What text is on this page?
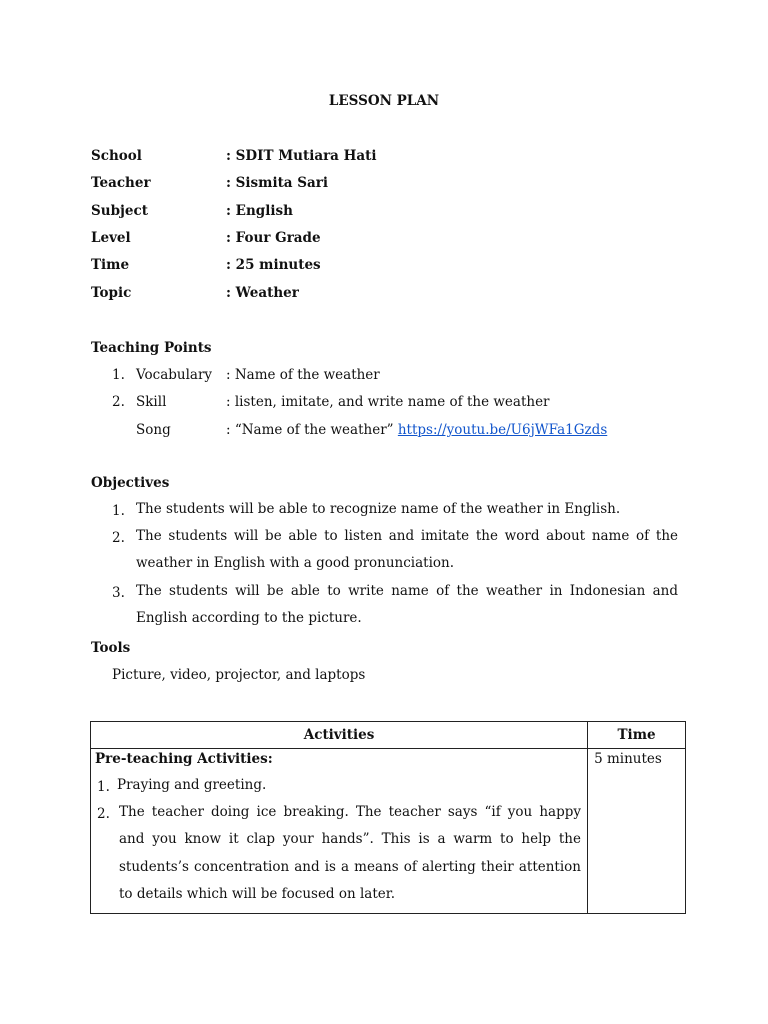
LESSON PLAN
School	: SDIT Mutiara Hati
Teacher	: Sismita Sari
Subject	: English
Level	: Four Grade
Time	: 25 minutes
Topic	: Weather
Teaching Points
1. Vocabulary : Name of the weather
2. Skill	: listen, imitate, and write name of the weather
Song	: “Name of the weather” https://youtu.be/U6jWFa1Gzds
Objectives
1. The students will be able to recognize name of the weather in English.
2. The students will be able to listen and imitate the word about name of the weather in English with a good pronunciation.
3. The students will be able to write name of the weather in Indonesian and English according to the picture.
Tools
Picture, video, projector, and laptops
Activities	Time

Pre-teaching Activities:
1. Praying and greeting.
2. The teacher doing ice breaking. The teacher says “if you happy and you know it clap your hands”. This is a warm to help the students’s concentration and is a means of alerting their attention to details which will be focused on later.	5 minutes
